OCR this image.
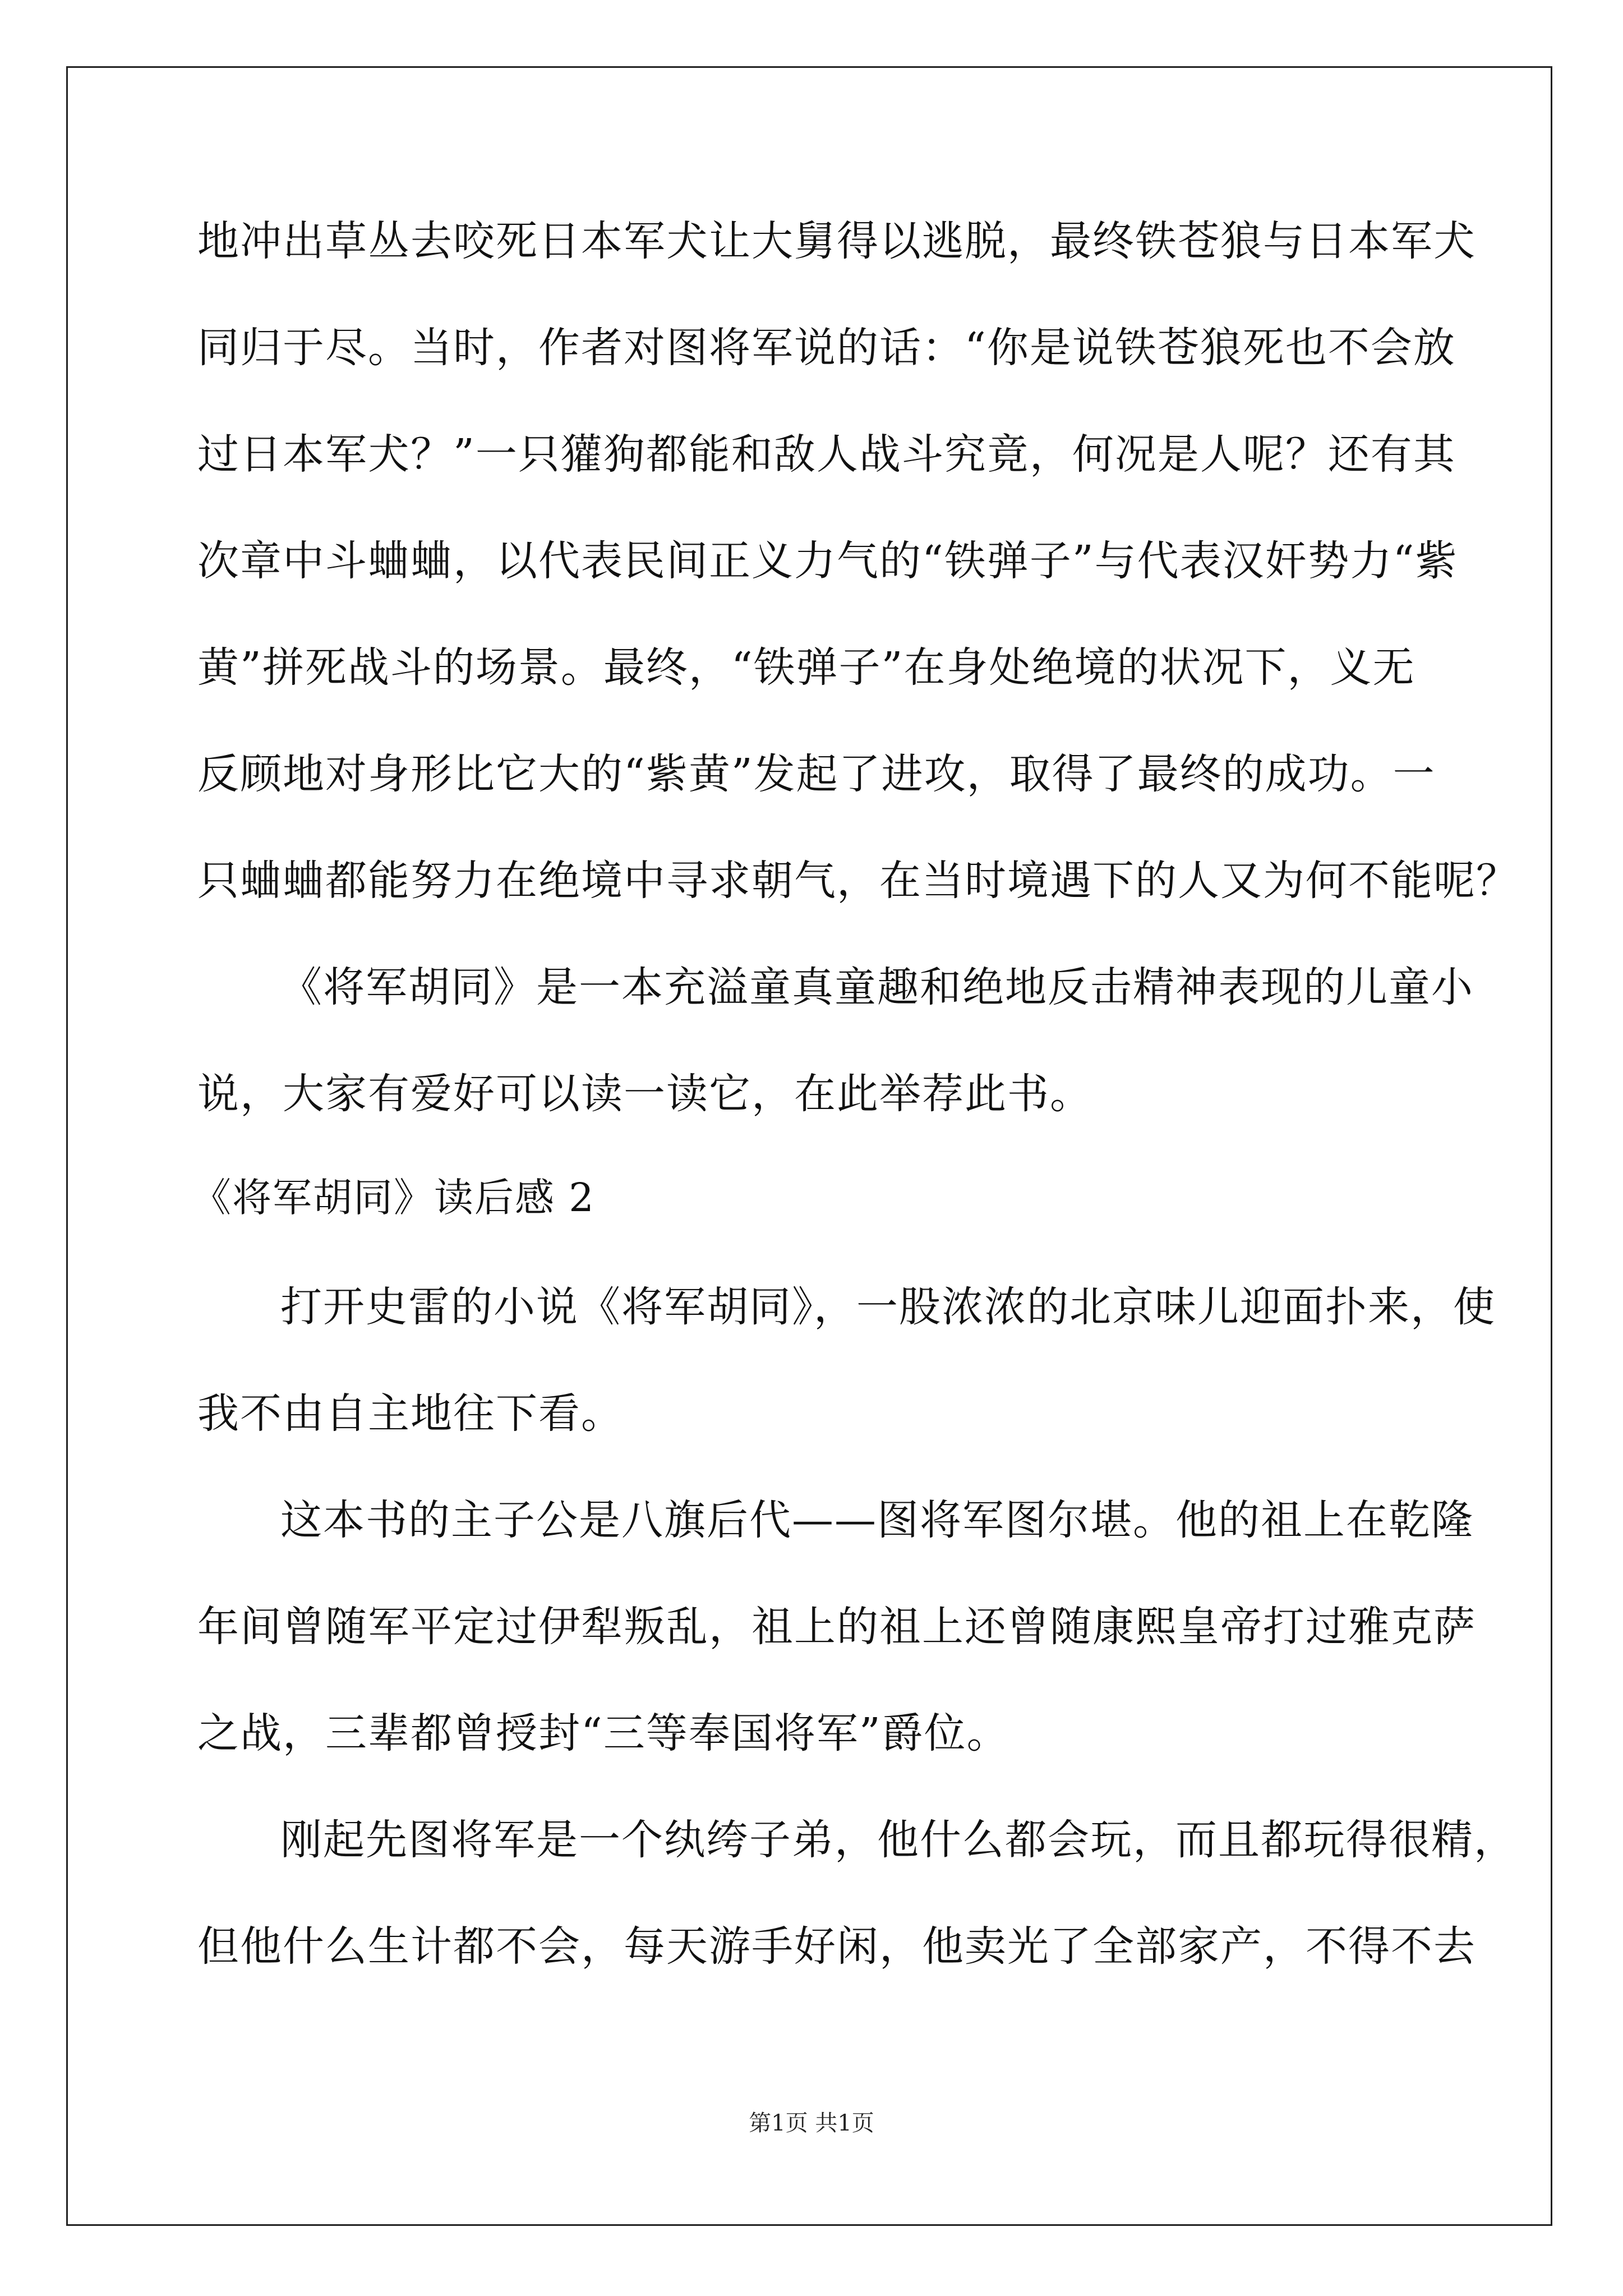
地冲出草丛去咬死日本军犬让大舅得以逃脱，最终铁苍狼与日本军犬
同归于尽。当时，作者对图将军说的话：“你是说铁苍狼死也不会放
过日本军犬？”一只獾狗都能和敌人战斗究竟，何况是人呢？还有其
次章中斗蛐蛐，以代表民间正义力气的“铁弹子”与代表汉奸势力“紫
黄”拼死战斗的场景。最终，“铁弹子”在身处绝境的状况下，义无
反顾地对身形比它大的“紫黄”发起了进攻，取得了最终的成功。一
只蛐蛐都能努力在绝境中寻求朝气，在当时境遇下的人又为何不能呢？
《将军胡同》是一本充溢童真童趣和绝地反击精神表现的儿童小
说，大家有爱好可以读一读它，在此举荐此书。
《将军胡同》读后感 2
打开史雷的小说《将军胡同》，一股浓浓的北京味儿迎面扑来，使
我不由自主地往下看。
这本书的主子公是八旗后代——图将军图尔堪。他的祖上在乾隆
年间曾随军平定过伊犁叛乱，祖上的祖上还曾随康熙皇帝打过雅克萨
之战，三辈都曾授封“三等奉国将军”爵位。
刚起先图将军是一个纨绔子弟，他什么都会玩，而且都玩得很精，
但他什么生计都不会，每天游手好闲，他卖光了全部家产，不得不去
第1页 共1页
